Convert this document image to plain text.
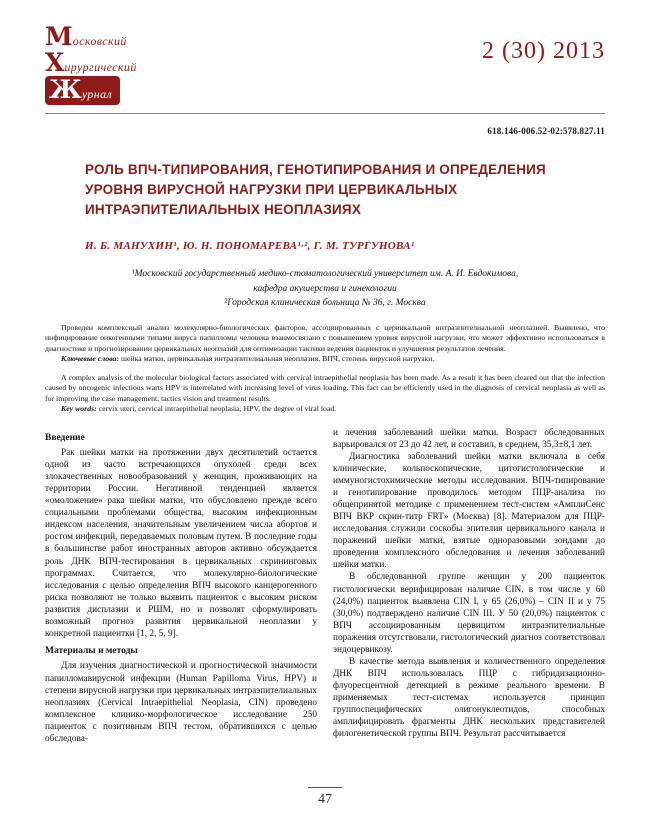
Московский
Хирургический
Журнал
2 (30) 2013
618.146-006.52-02:578.827.11
РОЛЬ ВПЧ-ТИПИРОВАНИЯ, ГЕНОТИПИРОВАНИЯ И ОПРЕДЕЛЕНИЯ УРОВНЯ ВИРУСНОЙ НАГРУЗКИ ПРИ ЦЕРВИКАЛЬНЫХ ИНТРАЭПИТЕЛИАЛЬНЫХ НЕОПЛАЗИЯХ
И. Б. МАНУХИН¹, Ю. Н. ПОНОМАРЕВА¹·², Г. М. ТУРГУНОВА¹
¹Московский государственный медико-стоматологический университет им. А. И. Евдокимова,
кафедра акушерства и гинекологии
²Городская клиническая больница № 36, г. Москва

Проведен комплексный анализ молекулярно-биологических факторов, ассоциированных с цервикальной интраэпителиальной неоплазией. Выявлено, что инфицирование онкогенными типами вируса папилломы человека взаимосвязано с повышением уровня вирусной нагрузки, что может эффективно использоваться в диагностике и прогнозировании цервикальных неоплазий для оптимизации тактики ведения пациенток и улучшения результатов лечения.

Ключевые слова: шейка матки, цервикальная интраэпителиальная неоплазия, ВПЧ, степень вирусной нагрузки.

A complex analysis of the molecular biological factors associated with cervical intraepithelial neoplasia has been made. As a result it has been cleared out that the infection caused by oncogenic infectious warts HPV is interrelated with increasing level of virus loading. This fact can be efficiently used in the diagnosis of cervical neoplasia as well as for improving the case management, tactics vision and treatment results.

Key words: cervix uteri, cervical intraepithelial neoplasia, HPV, the degree of viral load.

Введение

Рак шейки матки на протяжении двух десятилетий остается одной из часто встречающихся опухолей среди всех злокачественных новообразований у женщин, проживающих на территории России. Негативной тенденцией является «омоложение» рака шейки матки, что обусловлено прежде всего социальными проблемами общества, высоким инфекционным индексом населения, значительным увеличением числа абортов и ростом инфекций, передаваемых половым путем. В последние годы в большинстве работ иностранных авторов активно обсуждается роль ДНК ВПЧ-тестирования в цервикальных скрининговых программах. Считается, что молекулярно-биологические исследования с целью определения ВПЧ высокого канцерогенного риска позволяют не только выявить пациенток с высоким риском развития дисплазии и РШМ, но и позволят сформулировать возможный прогноз развития цервикальной неоплазии у конкретной пациентки [1, 2, 5, 9].

Материалы и методы

Для изучения диагностической и прогностической значимости папилломавирусной инфекции (Human Papilloma Virus, HPV) и степени вирусной нагрузки при цервикальных интраэпителиальных неоплазиях (Cervical Intraepithelial Neoplasia, CIN) проведено комплексное клинико-морфологическое исследование 250 пациенток с позитивным ВПЧ тестом, обратившихся с целью обследова-

и лечения заболеваний шейки матки. Возраст обследованных варьировался от 23 до 42 лет, и составил, в среднем, 35,3±8,1 лет.

Диагностика заболеваний шейки матки включала в себя клинические, кольпоскопические, цитогистологические и иммуногистохимические методы исследования. ВПЧ-типирование и генотипирование проводилось методом ПЦР-анализа по общепринятой методике с применением тест-систем «АмплиСенс ВПЧ ВКР скрин-титр FRT» (Москва) [8]. Материалом для ПЦР-исследования служили соскобы эпителия цервикального канала и поражений шейки матки, взятые одноразовыми зондами до проведения комплексного обследования и лечения заболеваний шейки матки.

В обследованной группе женщин у 200 пациенток гистологически верифицирован наличие CIN, в том числе у 60 (24,0%) пациенток выявлена CIN I, у 65 (26,0%) – CIN II и у 75 (30,0%) подтверждено наличие CIN III. У 50 (20,0%) пациенток с ВПЧ ассоциированным цервицитом интраэпителиальные поражения отсутствовали, гистологический диагноз соответствовал эндоцервикозу.

В качестве метода выявления и количественного определения ДНК ВПЧ использовалась ПЦР с гибридизационно-флуоресцентной детекцией в режиме реального времени. В применяемых тест-системах используется принцип группоспецифических олигонуклеотидов, способных амплифицировать фрагменты ДНК нескольких представителей филогенетической группы ВПЧ. Результат рассчитывается

47
